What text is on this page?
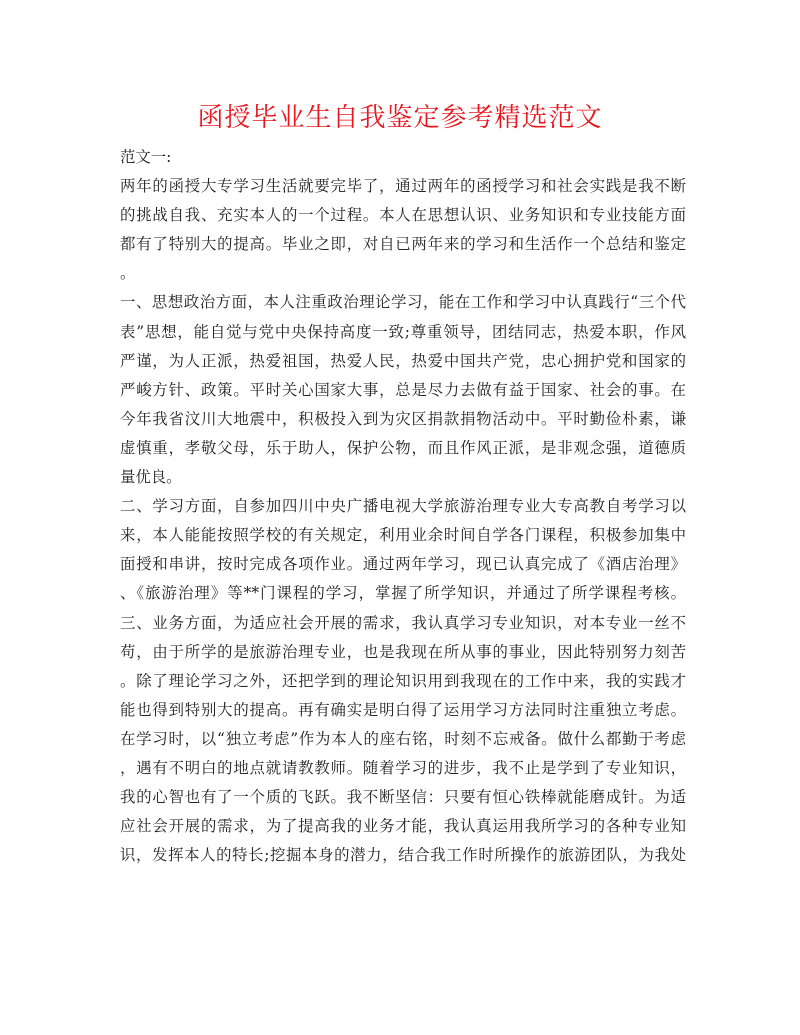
函授毕业生自我鉴定参考精选范文
范文一:
两年的函授大专学习生活就要完毕了，通过两年的函授学习和社会实践是我不断
的挑战自我、充实本人的一个过程。本人在思想认识、业务知识和专业技能方面
都有了特别大的提高。毕业之即，对自已两年来的学习和生活作一个总结和鉴定
。
一、思想政治方面，本人注重政治理论学习，能在工作和学习中认真践行“三个代
表”思想，能自觉与党中央保持高度一致;尊重领导，团结同志，热爱本职，作风
严谨，为人正派，热爱祖国，热爱人民，热爱中国共产党，忠心拥护党和国家的
严峻方针、政策。平时关心国家大事，总是尽力去做有益于国家、社会的事。在
今年我省汶川大地震中，积极投入到为灾区捐款捐物活动中。平时勤俭朴素，谦
虚慎重，孝敬父母，乐于助人，保护公物，而且作风正派，是非观念强，道德质
量优良。
二、学习方面，自参加四川中央广播电视大学旅游治理专业大专高教自考学习以
来，本人能能按照学校的有关规定，利用业余时间自学各门课程，积极参加集中
面授和串讲，按时完成各项作业。通过两年学习，现已认真完成了《酒店治理》
、《旅游治理》等**门课程的学习，掌握了所学知识，并通过了所学课程考核。
三、业务方面，为适应社会开展的需求，我认真学习专业知识，对本专业一丝不
苟，由于所学的是旅游治理专业，也是我现在所从事的事业，因此特别努力刻苦
。除了理论学习之外，还把学到的理论知识用到我现在的工作中来，我的实践才
能也得到特别大的提高。再有确实是明白得了运用学习方法同时注重独立考虑。
在学习时，以“独立考虑”作为本人的座右铭，时刻不忘戒备。做什么都勤于考虑
，遇有不明白的地点就请教教师。随着学习的进步，我不止是学到了专业知识，
我的心智也有了一个质的飞跃。我不断坚信：只要有恒心铁棒就能磨成针。为适
应社会开展的需求，为了提高我的业务才能，我认真运用我所学习的各种专业知
识，发挥本人的特长;挖掘本身的潜力，结合我工作时所操作的旅游团队，为我处
